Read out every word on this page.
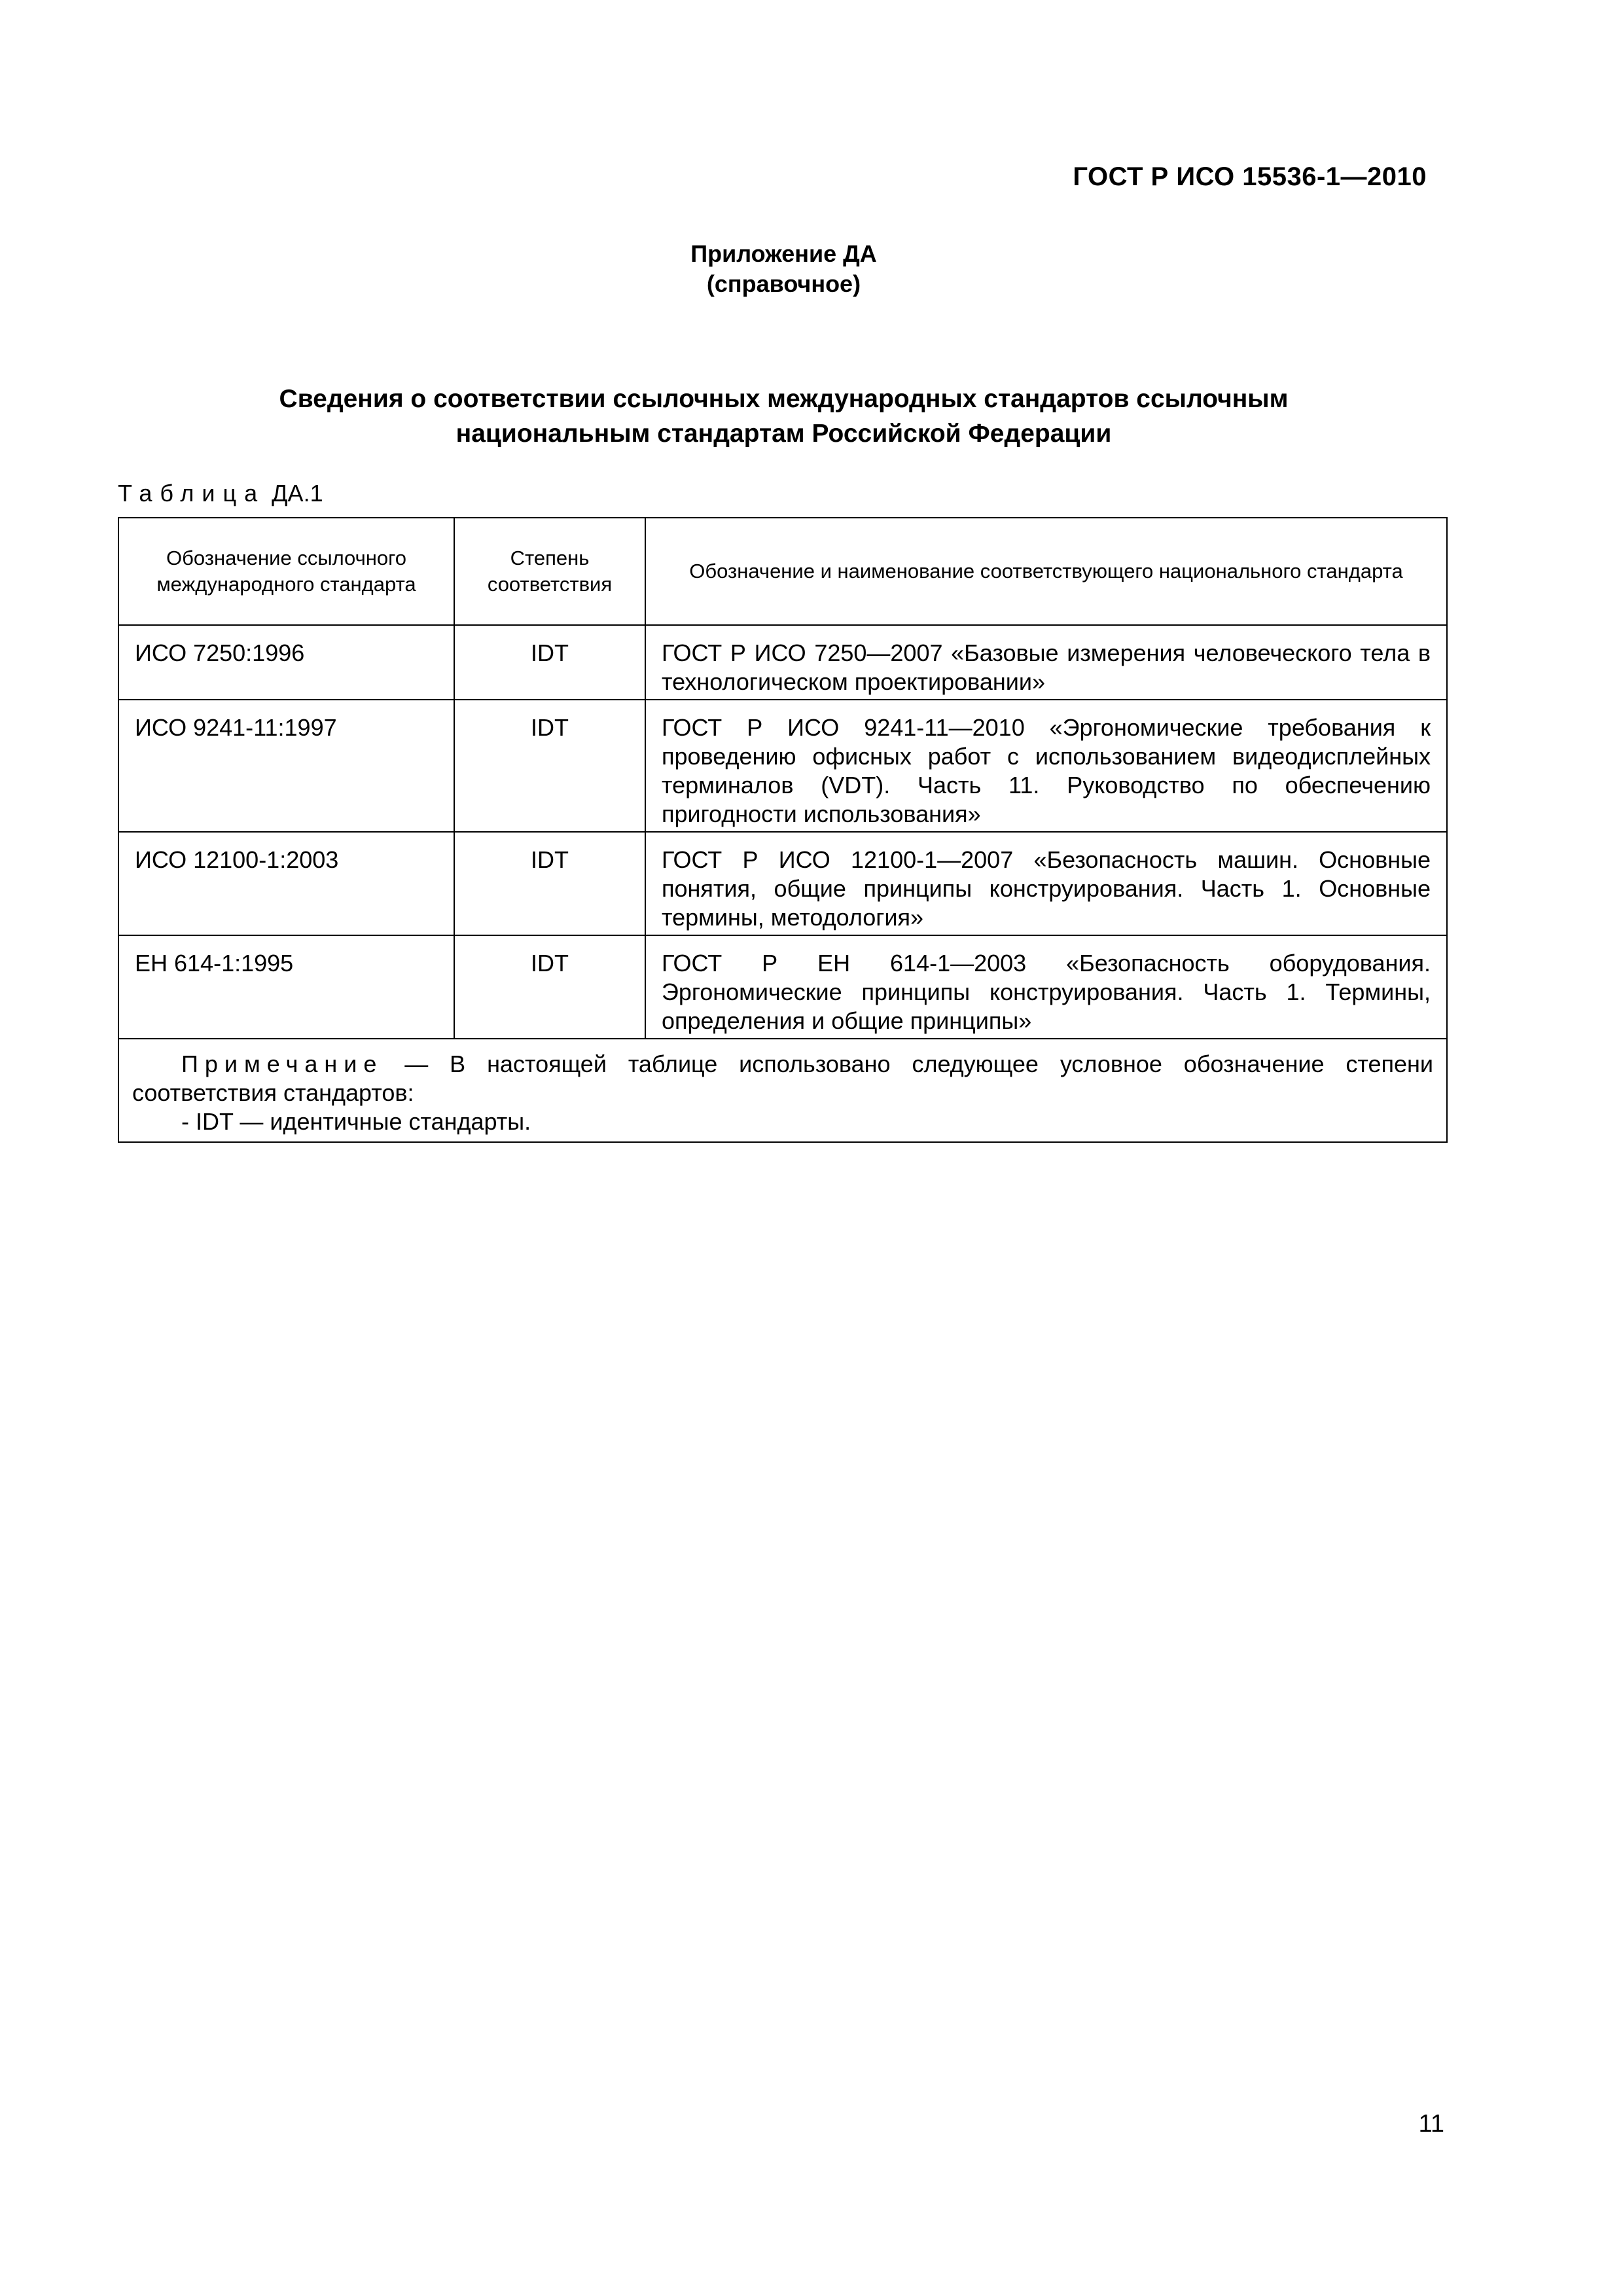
ГОСТ Р ИСО 15536-1—2010
Приложение ДА
(справочное)
Сведения о соответствии ссылочных международных стандартов ссылочным
национальным стандартам Российской Федерации
Таблица ДА.1
Обозначение ссылочного международного стандарта	Степень соответствия	Обозначение и наименование соответствующего национального стандарта
ИСО 7250:1996	IDT	ГОСТ Р ИСО 7250—2007 «Базовые измерения человеческого тела в технологическом проектировании»
ИСО 9241-11:1997	IDT	ГОСТ Р ИСО 9241-11—2010 «Эргономические требования к проведению офисных работ с использованием видеодисплейных терминалов (VDT). Часть 11. Руководство по обеспечению пригодности использования»
ИСО 12100-1:2003	IDT	ГОСТ Р ИСО 12100-1—2007 «Безопасность машин. Основные понятия, общие принципы конструирования. Часть 1. Основные термины, методология»
ЕН 614-1:1995	IDT	ГОСТ Р ЕН 614-1—2003 «Безопасность оборудования. Эргономические принципы конструирования. Часть 1. Термины, определения и общие принципы»

Примечание — В настоящей таблице использовано следующее условное обозначение степени соответствия стандартов:
- IDT — идентичные стандарты.		
11
